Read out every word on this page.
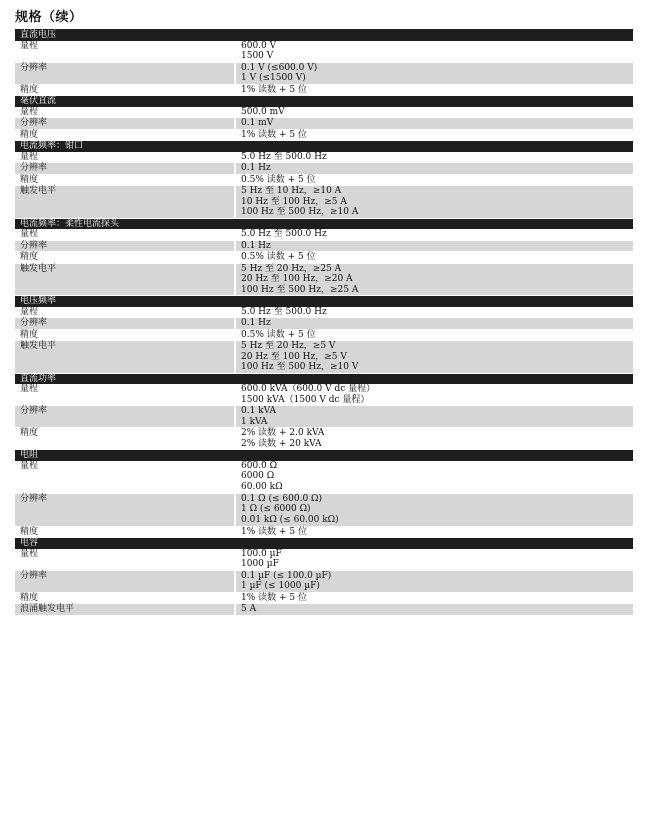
规格（续）
直流电压	
量程	600.0 V
1500 V

分辨率	0.1 V (≤600.0 V)
1 V (≤1500 V)

精度	1% 读数 + 5 位

毫伏直流	
量程	500.0 mV

分辨率	0.1 mV

精度	1% 读数 + 5 位

电流频率：钳口	
量程	5.0 Hz 至 500.0 Hz

分辨率	0.1 Hz

精度	0.5% 读数 + 5 位

触发电平	5 Hz 至 10 Hz，≥10 A
10 Hz 至 100 Hz，≥5 A
100 Hz 至 500 Hz，≥10 A

电流频率：柔性电流探头	
量程	5.0 Hz 至 500.0 Hz

分辨率	0.1 Hz

精度	0.5% 读数 + 5 位

触发电平	5 Hz 至 20 Hz，≥25 A
20 Hz 至 100 Hz，≥20 A
100 Hz 至 500 Hz，≥25 A

电压频率	
量程	5.0 Hz 至 500.0 Hz

分辨率	0.1 Hz

精度	0.5% 读数 + 5 位

触发电平	5 Hz 至 20 Hz，≥5 V
20 Hz 至 100 Hz，≥5 V
100 Hz 至 500 Hz，≥10 V

直流功率	
量程	600.0 kVA（600.0 V dc 量程）
1500 kVA（1500 V dc 量程）

分辨率	0.1 kVA
1 kVA

精度	2% 读数 + 2.0 kVA
2% 读数 + 20 kVA

电阻	
量程	600.0 Ω
6000 Ω
60.00 kΩ

分辨率	0.1 Ω (≤ 600.0 Ω)
1 Ω (≤ 6000 Ω)
0.01 kΩ (≤ 60.00 kΩ)

精度	1% 读数 + 5 位

电容	
量程	100.0 µF
1000 µF

分辨率	0.1 µF (≤ 100.0 µF)
1 µF (≤ 1000 µF)

精度	1% 读数 + 5 位

浪涌触发电平	5 A
